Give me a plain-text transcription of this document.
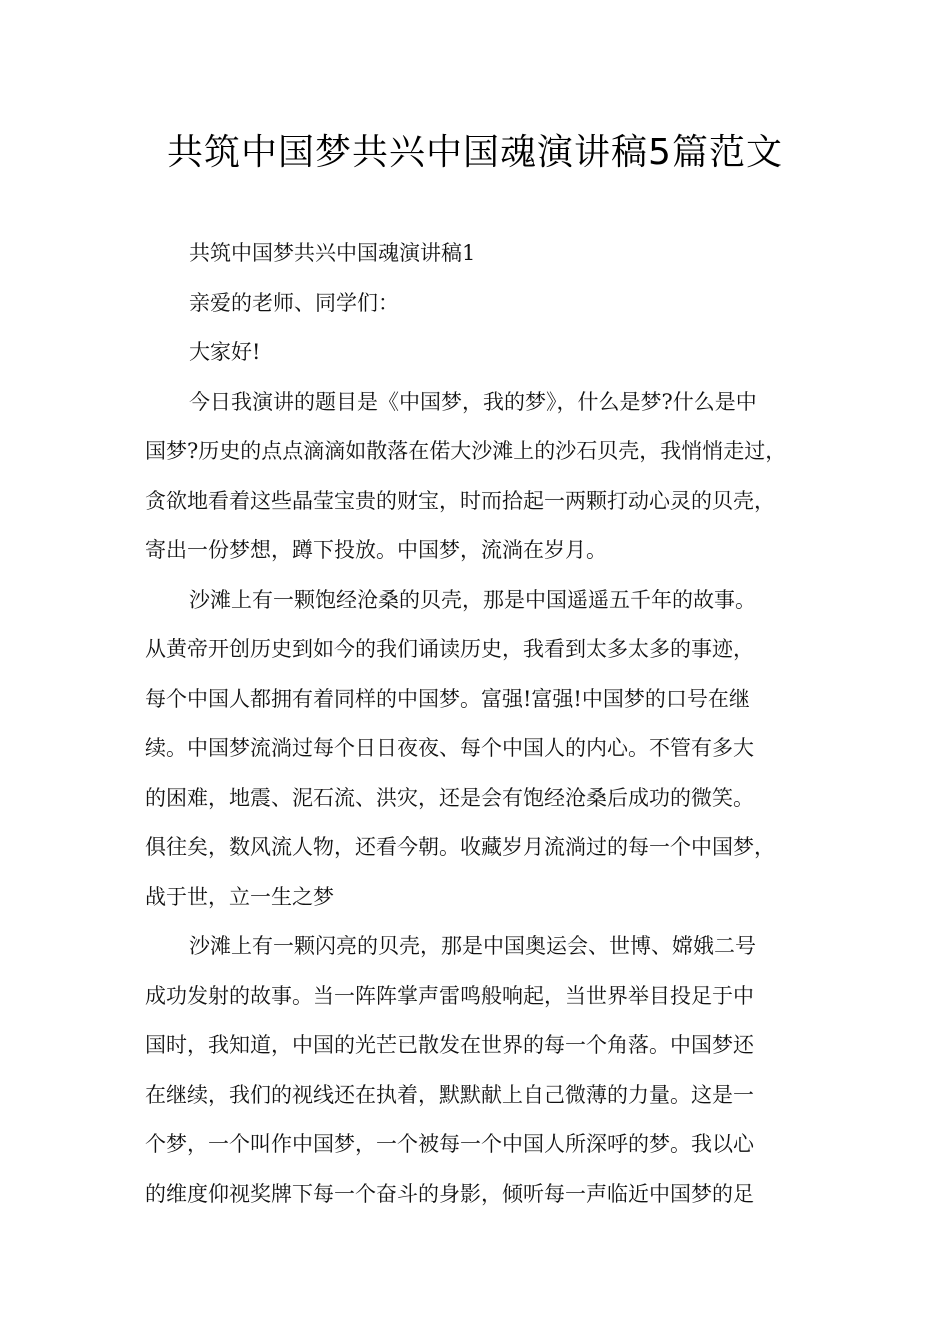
共筑中国梦共兴中国魂演讲稿5篇范文

共筑中国梦共兴中国魂演讲稿1

亲爱的老师、同学们：

大家好!

今日我演讲的题目是《中国梦，我的梦》，什么是梦?什么是中

国梦?历史的点点滴滴如散落在偌大沙滩上的沙石贝壳，我悄悄走过，

贪欲地看着这些晶莹宝贵的财宝，时而拾起一两颗打动心灵的贝壳，

寄出一份梦想，蹲下投放。中国梦，流淌在岁月。

沙滩上有一颗饱经沧桑的贝壳，那是中国遥遥五千年的故事。

从黄帝开创历史到如今的我们诵读历史，我看到太多太多的事迹，

每个中国人都拥有着同样的中国梦。富强!富强!中国梦的口号在继

续。中国梦流淌过每个日日夜夜、每个中国人的内心。不管有多大

的困难，地震、泥石流、洪灾，还是会有饱经沧桑后成功的微笑。

俱往矣，数风流人物，还看今朝。收藏岁月流淌过的每一个中国梦，

战于世，立一生之梦

沙滩上有一颗闪亮的贝壳，那是中国奥运会、世博、嫦娥二号

成功发射的故事。当一阵阵掌声雷鸣般响起，当世界举目投足于中

国时，我知道，中国的光芒已散发在世界的每一个角落。中国梦还

在继续，我们的视线还在执着，默默献上自己微薄的力量。这是一

个梦，一个叫作中国梦，一个被每一个中国人所深呼的梦。我以心

的维度仰视奖牌下每一个奋斗的身影，倾听每一声临近中国梦的足
